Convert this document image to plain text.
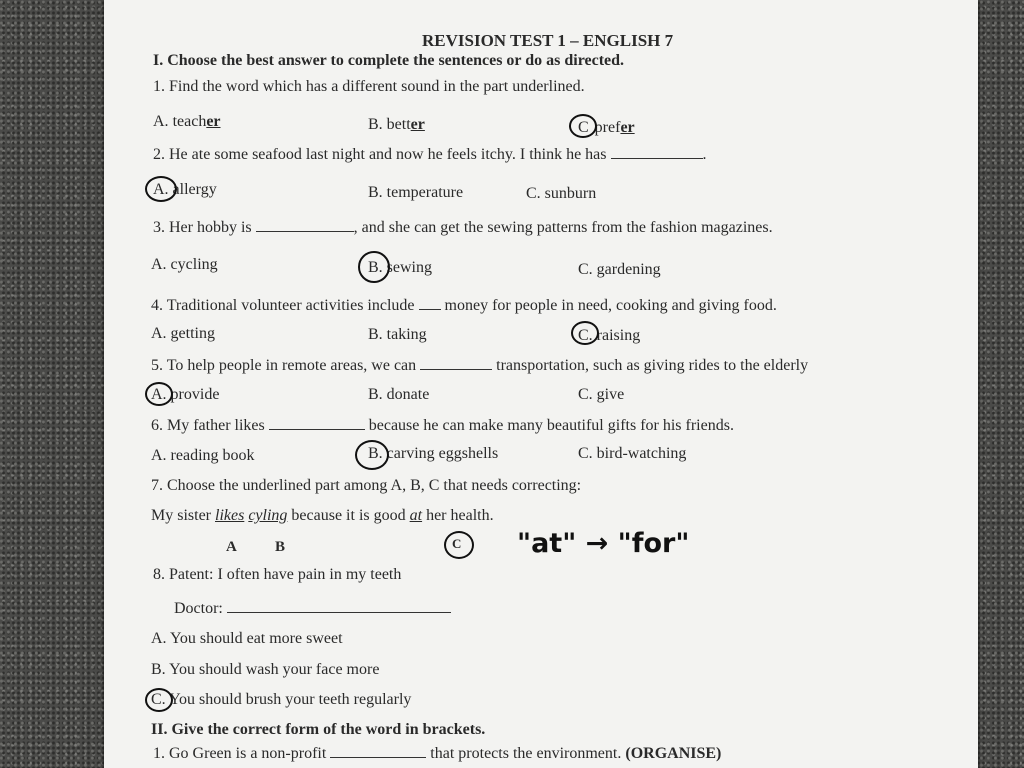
REVISION TEST 1 – ENGLISH 7
I. Choose the best answer to complete the sentences or do as directed.
1. Find the word which has a different sound in the part underlined.
A. teacher	B. better	C prefer
2. He ate some seafood last night and now he feels itchy. I think he has	.
A. allergy	B. temperature	C. sunburn
3. Her hobby is	, and she can get the sewing patterns from the fashion magazines.
A. cycling	B. sewing	C. gardening
4. Traditional volunteer activities include  money for people in need, cooking and giving food.
A. getting	B. taking	C. raising
5. To help people in remote areas, we can	transportation, such as giving rides to the elderly
A. provide	B. donate	C. give
6. My father likes	because he can make many beautiful gifts for his friends.
A. reading book	B. carving eggshells	C. bird-watching
7. Choose the underlined part among A, B, C that needs correcting:
My sister likes cyling because it is good at her health.
A	B	C "at" → "for"
8. Patent: I often have pain in my teeth
Doctor:
A. You should eat more sweet
B. You should wash your face more
C. You should brush your teeth regularly
II. Give the correct form of the word in brackets.
1. Go Green is a non-profit	that protects the environment. (ORGANISE)
